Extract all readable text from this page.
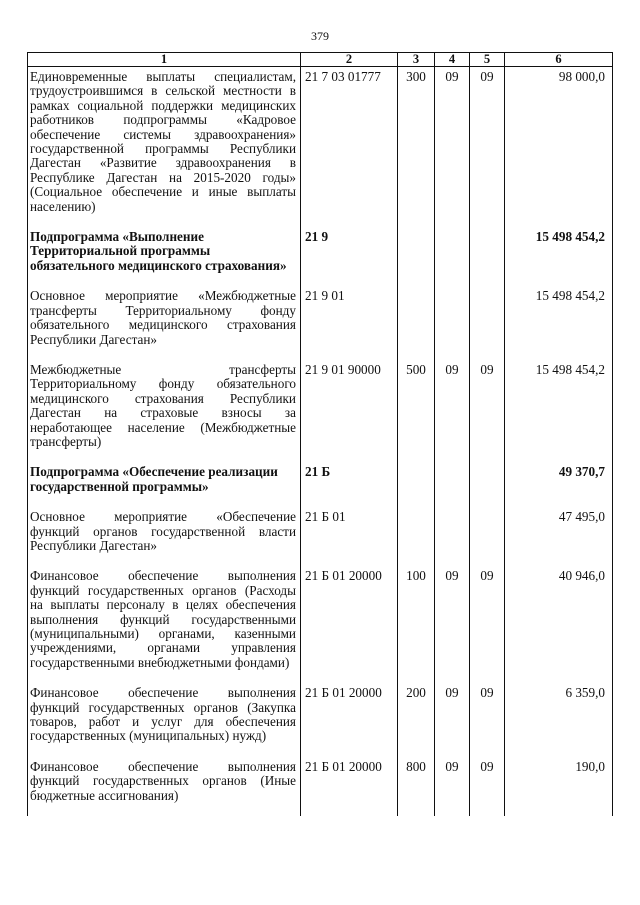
379
1	2	3	4	5	6
Единовременные выплаты специалистам, трудоустроившимся в сельской местности в рамках социальной поддержки медицинских работников подпрограммы «Кадровое обеспечение системы здравоохранения» государственной программы Республики Дагестан «Развитие здравоохранения в Республике Дагестан на 2015-2020 годы» (Социальное обеспечение и иные выплаты населению)	21 7 03 01777	300	09	09	98 000,0
Подпрограмма «Выполнение Территориальной программы обязательного медицинского страхования»	21 9				15 498 454,2
Основное мероприятие «Межбюджетные трансферты Территориальному фонду обязательного медицинского страхования Республики Дагестан»	21 9 01				15 498 454,2
Межбюджетные трансферты Территориальному фонду обязательного медицинского страхования Республики Дагестан на страховые взносы за неработающее население (Межбюджетные трансферты)	21 9 01 90000	500	09	09	15 498 454,2
Подпрограмма «Обеспечение реализации государственной программы»	21 Б				49 370,7
Основное мероприятие «Обеспечение функций органов государственной власти Республики Дагестан»	21 Б 01				47 495,0
Финансовое обеспечение выполнения функций государственных органов (Расходы на выплаты персоналу в целях обеспечения выполнения функций государственными (муниципальными) органами, казенными учреждениями, органами управления государственными внебюджетными фондами)	21 Б 01 20000	100	09	09	40 946,0
Финансовое обеспечение выполнения функций государственных органов (Закупка товаров, работ и услуг для обеспечения государственных (муниципальных) нужд)	21 Б 01 20000	200	09	09	6 359,0
Финансовое обеспечение выполнения функций государственных органов (Иные бюджетные ассигнования)	21 Б 01 20000	800	09	09	190,0
